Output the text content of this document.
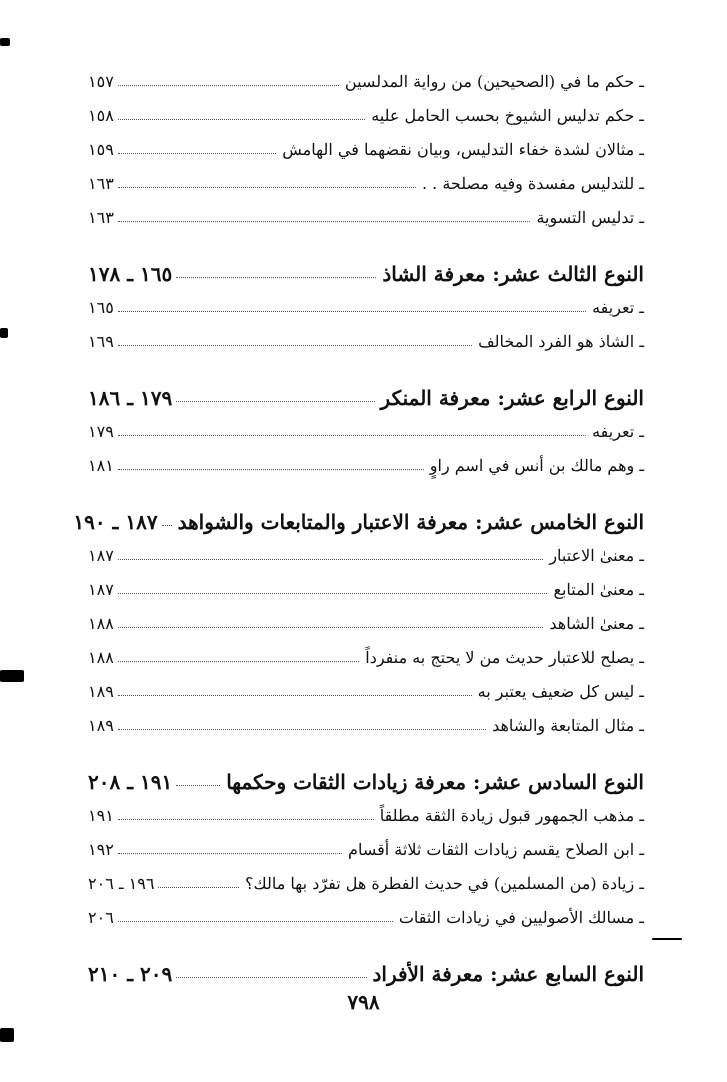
ـ حكم ما في (الصحيحين) من رواية المدلسين
١٥٧
ـ حكم تدليس الشيوخ بحسب الحامل عليه
١٥٨
ـ مثالان لشدة خفاء التدليس، وبيان نقضهما في الهامش
١٥٩
ـ للتدليس مفسدة وفيه مصلحة . .
١٦٣
ـ تدليس التسوية
١٦٣
النوع الثالث عشر: معرفة الشاذ
١٦٥ ـ ١٧٨
ـ تعريفه
١٦٥
ـ الشاذ هو الفرد المخالف
١٦٩
النوع الرابع عشر: معرفة المنكر
١٧٩ ـ ١٨٦
ـ تعريفه
١٧٩
ـ وهم مالك بن أنس في اسم راوٍ
١٨١
النوع الخامس عشر: معرفة الاعتبار والمتابعات والشواهد
١٨٧ ـ ١٩٠
ـ معنىٰ الاعتبار
١٨٧
ـ معنىٰ المتابع
١٨٧
ـ معنىٰ الشاهد
١٨٨
ـ يصلح للاعتبار حديث من لا يحتج به منفرداً
١٨٨
ـ ليس كل ضعيف يعتبر به
١٨٩
ـ مثال المتابعة والشاهد
١٨٩
النوع السادس عشر: معرفة زيادات الثقات وحكمها
١٩١ ـ ٢٠٨
ـ مذهب الجمهور قبول زيادة الثقة مطلقاً
١٩١
ـ ابن الصلاح يقسم زيادات الثقات ثلاثة أقسام
١٩٢
ـ زيادة (من المسلمين) في حديث الفطرة هل تفرّد بها مالك؟
١٩٦ ـ ٢٠٦
ـ مسالك الأصوليين في زيادات الثقات
٢٠٦
النوع السابع عشر: معرفة الأفراد
٢٠٩ ـ ٢١٠
٧٩٨
